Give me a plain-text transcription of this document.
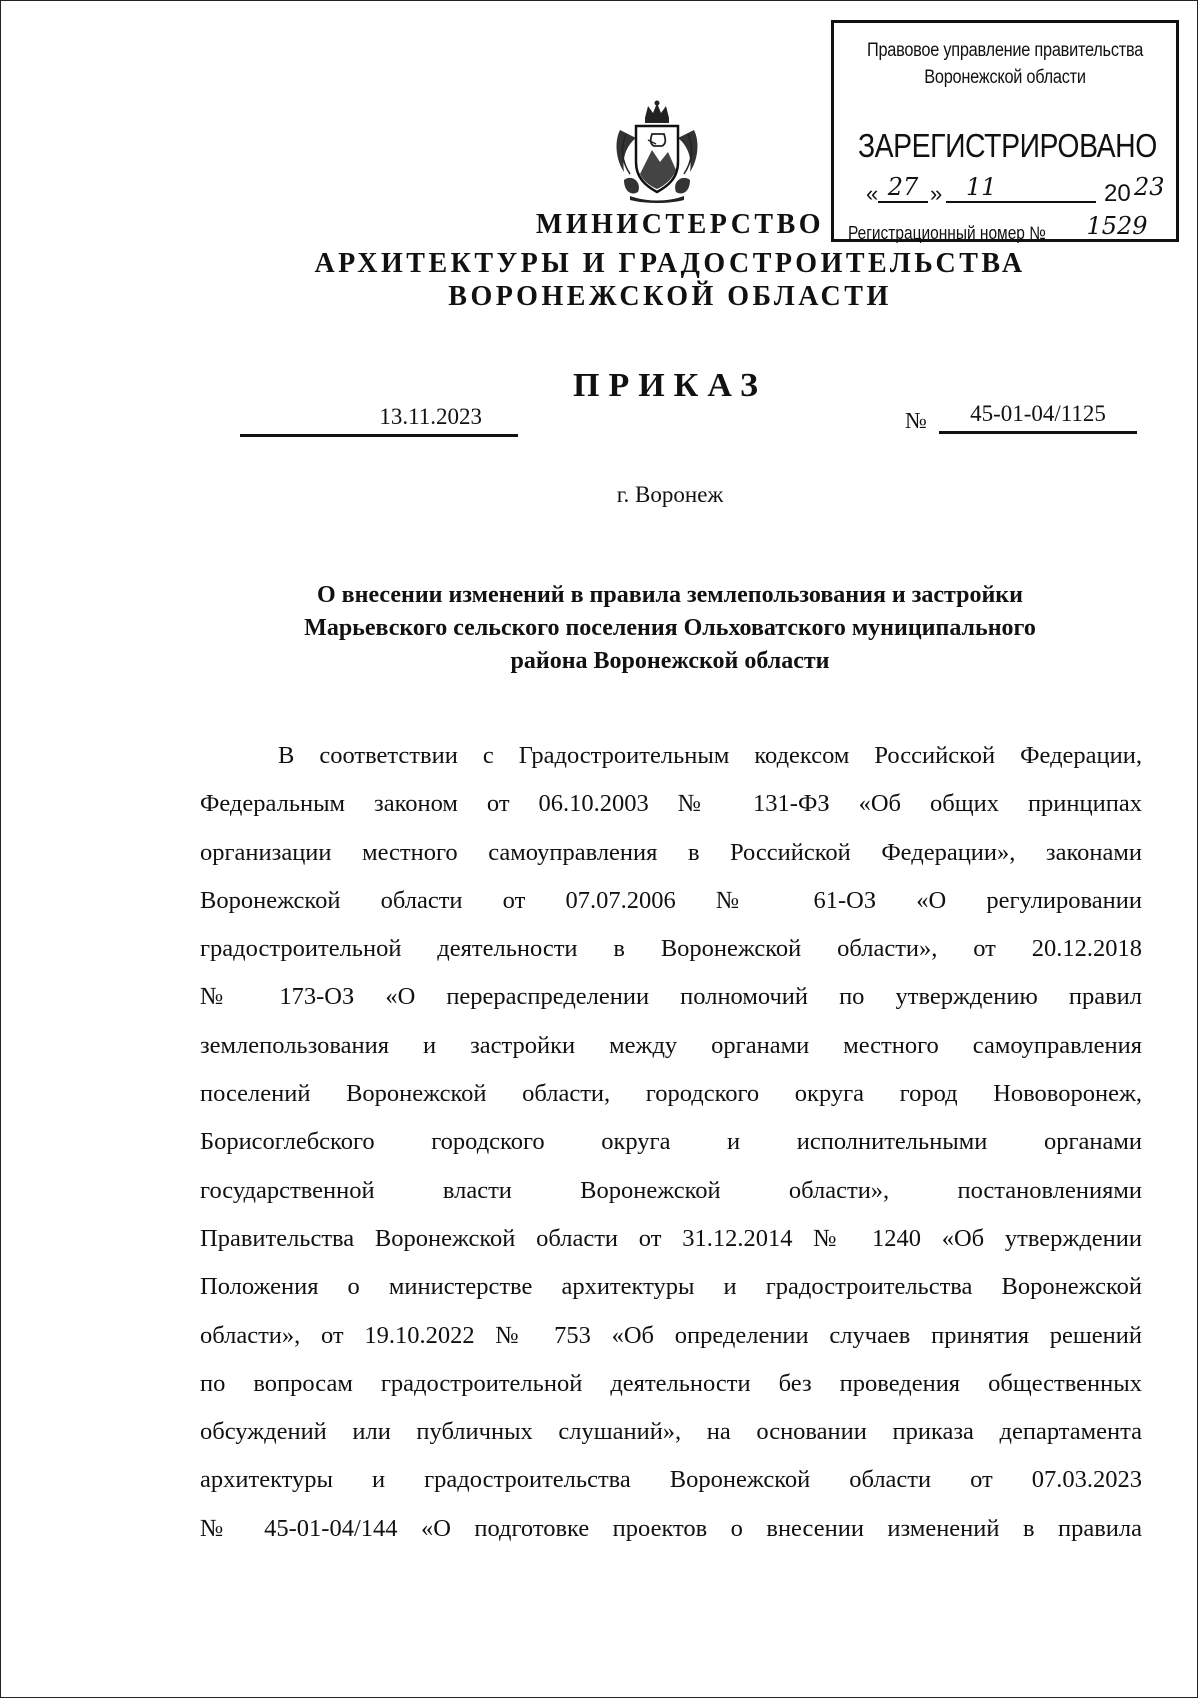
Правовое управление правительства
Воронежской области
ЗАРЕГИСТРИРОВАНО
« 27 » 11	20 23
Регистрационный номер №	1529
МИНИСТЕРСТВО
АРХИТЕКТУРЫ И ГРАДОСТРОИТЕЛЬСТВА
ВОРОНЕЖСКОЙ ОБЛАСТИ
ПРИКАЗ
13.11.2023	№	45-01-04/1125
г. Воронеж
О внесении изменений в правила землепользования и застройки
Марьевского сельского поселения Ольховатского муниципального
района Воронежской области
В соответствии с Градостроительным кодексом Российской Федерации,
Федеральным законом от 06.10.2003 № 131-ФЗ «Об общих принципах
организации местного самоуправления в Российской Федерации», законами
Воронежской области от 07.07.2006 № 61-ОЗ «О регулировании
градостроительной деятельности в Воронежской области», от 20.12.2018
№ 173-ОЗ «О перераспределении полномочий по утверждению правил
землепользования и застройки между органами местного самоуправления
поселений Воронежской области, городского округа город Нововоронеж,
Борисоглебского городского округа и исполнительными органами
государственной власти Воронежской области», постановлениями
Правительства Воронежской области от 31.12.2014 № 1240 «Об утверждении
Положения о министерстве архитектуры и градостроительства Воронежской
области», от 19.10.2022 № 753 «Об определении случаев принятия решений
по вопросам градостроительной деятельности без проведения общественных
обсуждений или публичных слушаний», на основании приказа департамента
архитектуры и градостроительства Воронежской области от 07.03.2023
№ 45-01-04/144 «О подготовке проектов о внесении изменений в правила
